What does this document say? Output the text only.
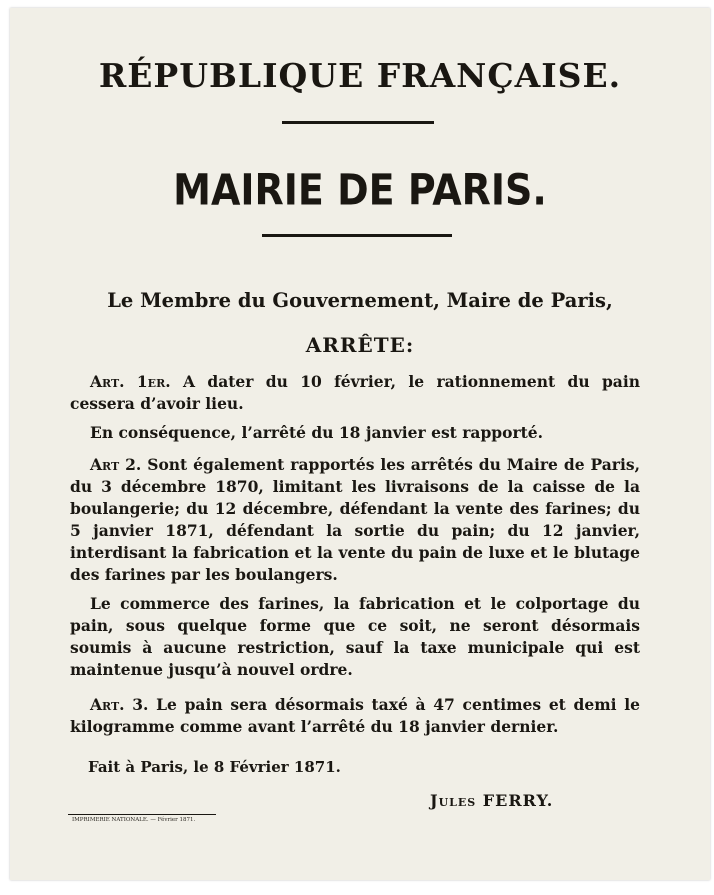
RÉPUBLIQUE FRANÇAISE.
MAIRIE DE PARIS.
Le Membre du Gouvernement, Maire de Paris,
ARRÊTE:

Art. 1er. A dater du 10 février, le rationnement du pain cessera d’avoir lieu.

En conséquence, l’arrêté du 18 janvier est rapporté.

Art 2. Sont également rapportés les arrêtés du Maire de Paris, du 3 décembre 1870, limitant les livraisons de la caisse de la boulangerie; du 12 décembre, défendant la vente des farines; du 5 janvier 1871, défendant la sortie du pain; du 12 janvier, interdisant la fabrication et la vente du pain de luxe et le blutage des farines par les boulangers.

Le commerce des farines, la fabrication et le colportage du pain, sous quelque forme que ce soit, ne seront désormais soumis à aucune restriction, sauf la taxe municipale qui est maintenue jusqu’à nouvel ordre.

Art. 3. Le pain sera désormais taxé à 47 centimes et demi le kilogramme comme avant l’arrêté du 18 janvier dernier.

Fait à Paris, le 8 Février 1871.
Jules FERRY.
IMPRIMERIE NATIONALE. — Février 1871.
